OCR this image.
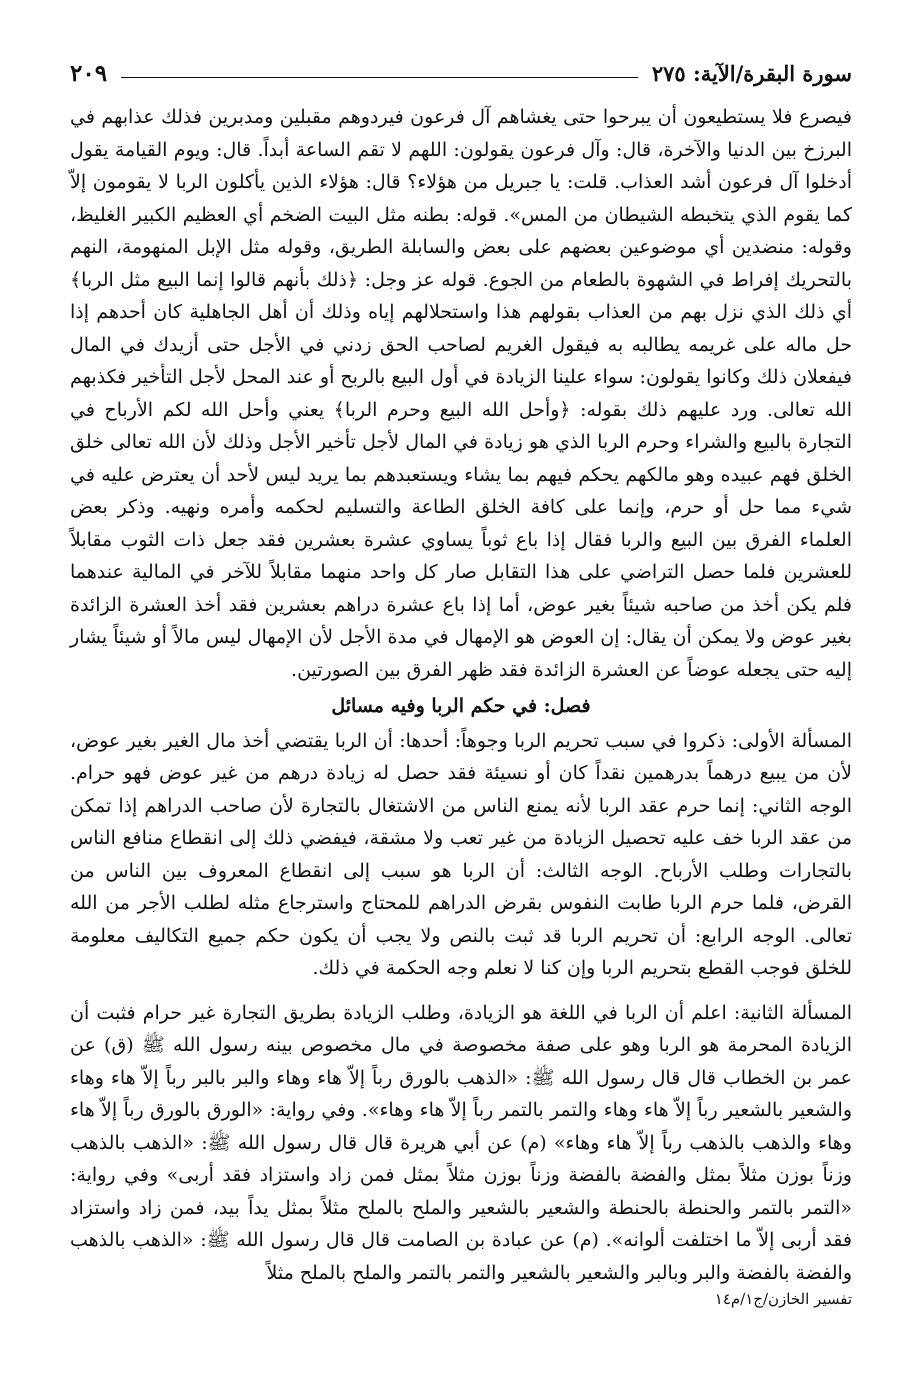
سورة البقرة/الآية: ٢٧٥
٢٠٩

فيصرع فلا يستطيعون أن يبرحوا حتى يغشاهم آل فرعون فيردوهم مقبلين ومدبرين فذلك عذابهم في البرزخ بين الدنيا والآخرة، قال: وآل فرعون يقولون: اللهم لا تقم الساعة أبداً. قال: ويوم القيامة يقول أدخلوا آل فرعون أشد العذاب. قلت: يا جبريل من هؤلاء؟ قال: هؤلاء الذين يأكلون الربا لا يقومون إلاّ كما يقوم الذي يتخبطه الشيطان من المس». قوله: بطنه مثل البيت الضخم أي العظيم الكبير الغليظ، وقوله: منضدين أي موضوعين بعضهم على بعض والسابلة الطريق، وقوله مثل الإبل المنهومة، النهم بالتحريك إفراط في الشهوة بالطعام من الجوع. قوله عز وجل: ﴿ذلك بأنهم قالوا إنما البيع مثل الربا﴾ أي ذلك الذي نزل بهم من العذاب بقولهم هذا واستحلالهم إياه وذلك أن أهل الجاهلية كان أحدهم إذا حل ماله على غريمه يطالبه به فيقول الغريم لصاحب الحق زدني في الأجل حتى أزيدك في المال فيفعلان ذلك وكانوا يقولون: سواء علينا الزيادة في أول البيع بالربح أو عند المحل لأجل التأخير فكذبهم الله تعالى. ورد عليهم ذلك بقوله: ﴿وأحل الله البيع وحرم الربا﴾ يعني وأحل الله لكم الأرباح في التجارة بالبيع والشراء وحرم الربا الذي هو زيادة في المال لأجل تأخير الأجل وذلك لأن الله تعالى خلق الخلق فهم عبيده وهو مالكهم يحكم فيهم بما يشاء ويستعبدهم بما يريد ليس لأحد أن يعترض عليه في شيء مما حل أو حرم، وإنما على كافة الخلق الطاعة والتسليم لحكمه وأمره ونهيه. وذكر بعض العلماء الفرق بين البيع والربا فقال إذا باع ثوباً يساوي عشرة بعشرين فقد جعل ذات الثوب مقابلاً للعشرين فلما حصل التراضي على هذا التقابل صار كل واحد منهما مقابلاً للآخر في المالية عندهما فلم يكن أخذ من صاحبه شيئاً بغير عوض، أما إذا باع عشرة دراهم بعشرين فقد أخذ العشرة الزائدة بغير عوض ولا يمكن أن يقال: إن العوض هو الإمهال في مدة الأجل لأن الإمهال ليس مالاً أو شيئاً يشار إليه حتى يجعله عوضاً عن العشرة الزائدة فقد ظهر الفرق بين الصورتين.

فصل: في حكم الربا وفيه مسائل

المسألة الأولى: ذكروا في سبب تحريم الربا وجوهاً: أحدها: أن الربا يقتضي أخذ مال الغير بغير عوض، لأن من يبيع درهماً بدرهمين نقداً كان أو نسيئة فقد حصل له زيادة درهم من غير عوض فهو حرام. الوجه الثاني: إنما حرم عقد الربا لأنه يمنع الناس من الاشتغال بالتجارة لأن صاحب الدراهم إذا تمكن من عقد الربا خف عليه تحصيل الزيادة من غير تعب ولا مشقة، فيفضي ذلك إلى انقطاع منافع الناس بالتجارات وطلب الأرباح. الوجه الثالث: أن الربا هو سبب إلى انقطاع المعروف بين الناس من القرض، فلما حرم الربا طابت النفوس بقرض الدراهم للمحتاج واسترجاع مثله لطلب الأجر من الله تعالى. الوجه الرابع: أن تحريم الربا قد ثبت بالنص ولا يجب أن يكون حكم جميع التكاليف معلومة للخلق فوجب القطع بتحريم الربا وإن كنا لا نعلم وجه الحكمة في ذلك.

المسألة الثانية: اعلم أن الربا في اللغة هو الزيادة، وطلب الزيادة بطريق التجارة غير حرام فثبت أن الزيادة المحرمة هو الربا وهو على صفة مخصوصة في مال مخصوص بينه رسول الله ﷺ (ق) عن عمر بن الخطاب قال قال رسول الله ﷺ: «الذهب بالورق رباً إلاّ هاء وهاء والبر بالبر رباً إلاّ هاء وهاء والشعير بالشعير رباً إلاّ هاء وهاء والتمر بالتمر رباً إلاّ هاء وهاء». وفي رواية: «الورق بالورق رباً إلاّ هاء وهاء والذهب بالذهب رباً إلاّ هاء وهاء» (م) عن أبي هريرة قال قال رسول الله ﷺ: «الذهب بالذهب وزناً بوزن مثلاً بمثل والفضة بالفضة وزناً بوزن مثلاً بمثل فمن زاد واستزاد فقد أربى» وفي رواية: «التمر بالتمر والحنطة بالحنطة والشعير بالشعير والملح بالملح مثلاً بمثل يداً بيد، فمن زاد واستزاد فقد أربى إلاّ ما اختلفت ألوانه». (م) عن عبادة بن الصامت قال قال رسول الله ﷺ: «الذهب بالذهب والفضة بالفضة والبر وبالبر والشعير بالشعير والتمر بالتمر والملح بالملح مثلاً

تفسير الخازن/ج١/م١٤
